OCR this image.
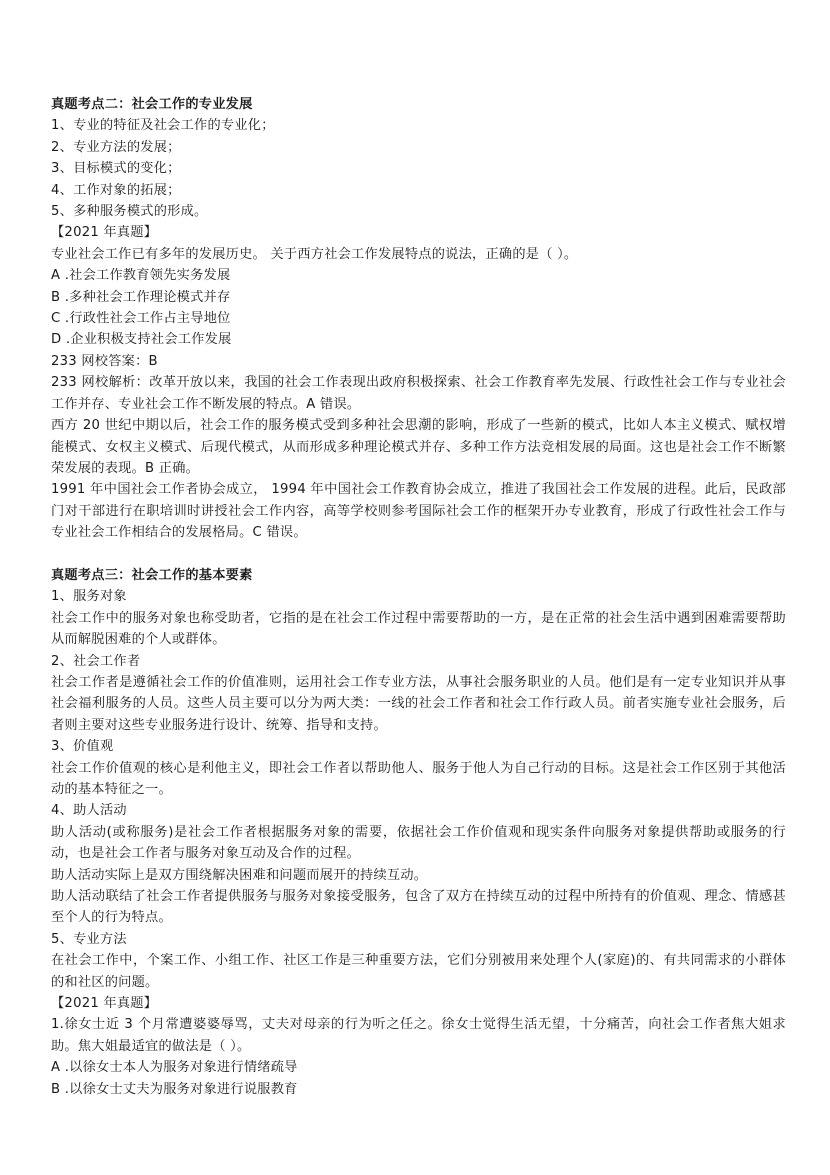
真题考点二：社会工作的专业发展
1、专业的特征及社会工作的专业化；
2、专业方法的发展；
3、目标模式的变化；
4、工作对象的拓展；
5、多种服务模式的形成。
【2021 年真题】
专业社会工作已有多年的发展历史。 关于西方社会工作发展特点的说法，正确的是（ ）。
A .社会工作教育领先实务发展
B .多种社会工作理论模式并存
C .行政性社会工作占主导地位
D .企业积极支持社会工作发展
233 网校答案：B
233 网校解析：改革开放以来，我国的社会工作表现出政府积极探索、社会工作教育率先发展、行政性社会工作与专业社会工作并存、专业社会工作不断发展的特点。A 错误。
西方 20 世纪中期以后，社会工作的服务模式受到多种社会思潮的影响，形成了一些新的模式，比如人本主义模式、赋权增能模式、女权主义模式、后现代模式，从而形成多种理论模式并存、多种工作方法竞相发展的局面。这也是社会工作不断繁荣发展的表现。B 正确。
1991 年中国社会工作者协会成立， 1994 年中国社会工作教育协会成立，推进了我国社会工作发展的进程。此后，民政部门对干部进行在职培训时讲授社会工作内容，高等学校则参考国际社会工作的框架开办专业教育，形成了行政性社会工作与专业社会工作相结合的发展格局。C 错误。
真题考点三：社会工作的基本要素
1、服务对象
社会工作中的服务对象也称受助者，它指的是在社会工作过程中需要帮助的一方，是在正常的社会生活中遇到困难需要帮助从而解脱困难的个人或群体。
2、社会工作者
社会工作者是遵循社会工作的价值准则，运用社会工作专业方法，从事社会服务职业的人员。他们是有一定专业知识并从事社会福利服务的人员。这些人员主要可以分为两大类：一线的社会工作者和社会工作行政人员。前者实施专业社会服务，后者则主要对这些专业服务进行设计、统筹、指导和支持。
3、价值观
社会工作价值观的核心是利他主义，即社会工作者以帮助他人、服务于他人为自己行动的目标。这是社会工作区别于其他活动的基本特征之一。
4、助人活动
助人活动(或称服务)是社会工作者根据服务对象的需要，依据社会工作价值观和现实条件向服务对象提供帮助或服务的行动，也是社会工作者与服务对象互动及合作的过程。
助人活动实际上是双方围绕解决困难和问题而展开的持续互动。
助人活动联结了社会工作者提供服务与服务对象接受服务，包含了双方在持续互动的过程中所持有的价值观、理念、情感甚至个人的行为特点。
5、专业方法
在社会工作中，个案工作、小组工作、社区工作是三种重要方法，它们分别被用来处理个人(家庭)的、有共同需求的小群体的和社区的问题。
【2021 年真题】
1.徐女士近 3 个月常遭婆婆辱骂，丈夫对母亲的行为听之任之。徐女士觉得生活无望，十分痛苦，向社会工作者焦大姐求助。焦大姐最适宜的做法是（ ）。
A .以徐女士本人为服务对象进行情绪疏导
B .以徐女士丈夫为服务对象进行说服教育
